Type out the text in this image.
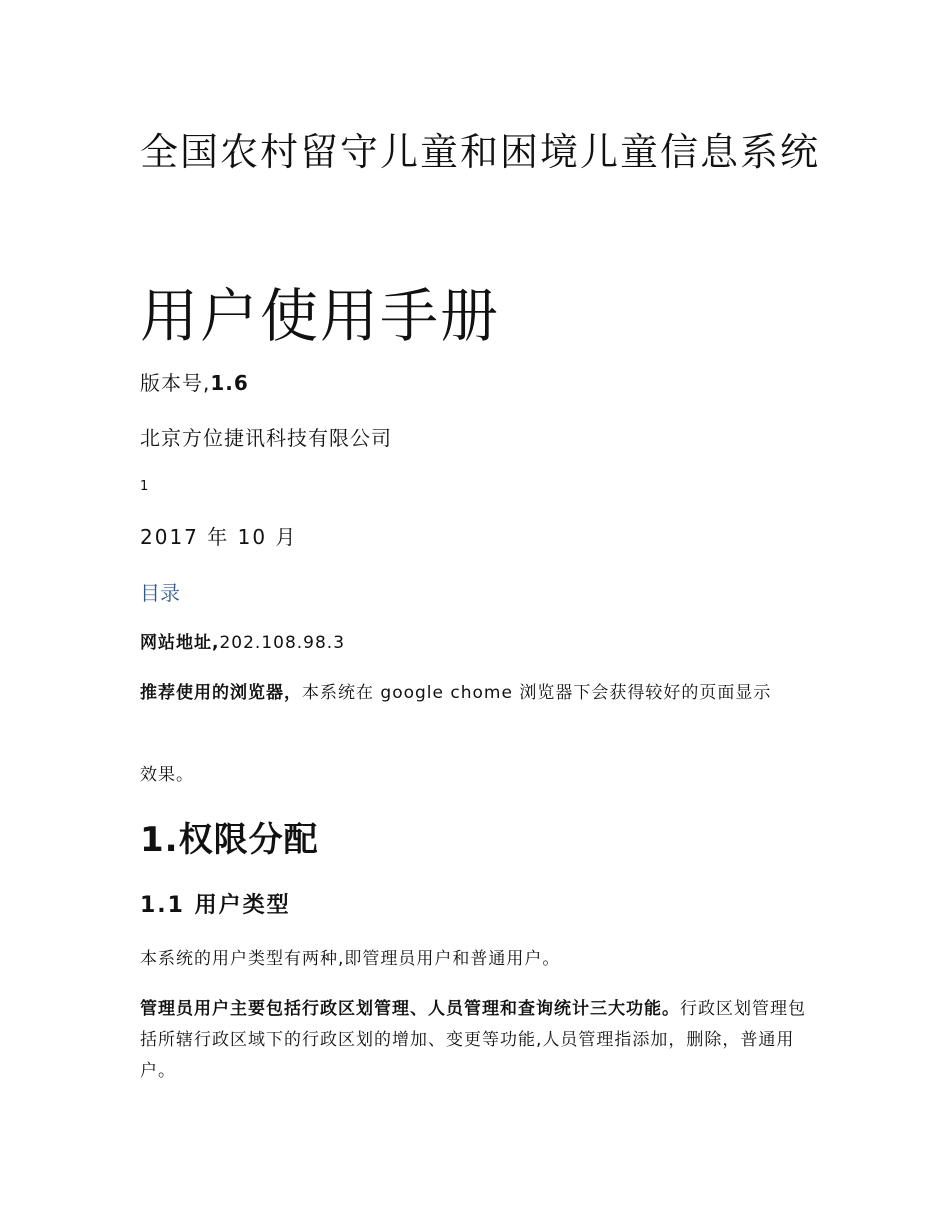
全国农村留守儿童和困境儿童信息系统
用户使用手册
版本号,1.6
北京方位捷讯科技有限公司
1
2017 年 10 月
目录

网站地址,202.108.98.3

推荐使用的浏览器，本系统在 google chome 浏览器下会获得较好的页面显示

效果。

1.权限分配
1.1 用户类型

本系统的用户类型有两种,即管理员用户和普通用户。

管理员用户主要包括行政区划管理、人员管理和查询统计三大功能。行政区划管理包括所辖行政区域下的行政区划的增加、变更等功能,人员管理指添加，删除，普通用户。
